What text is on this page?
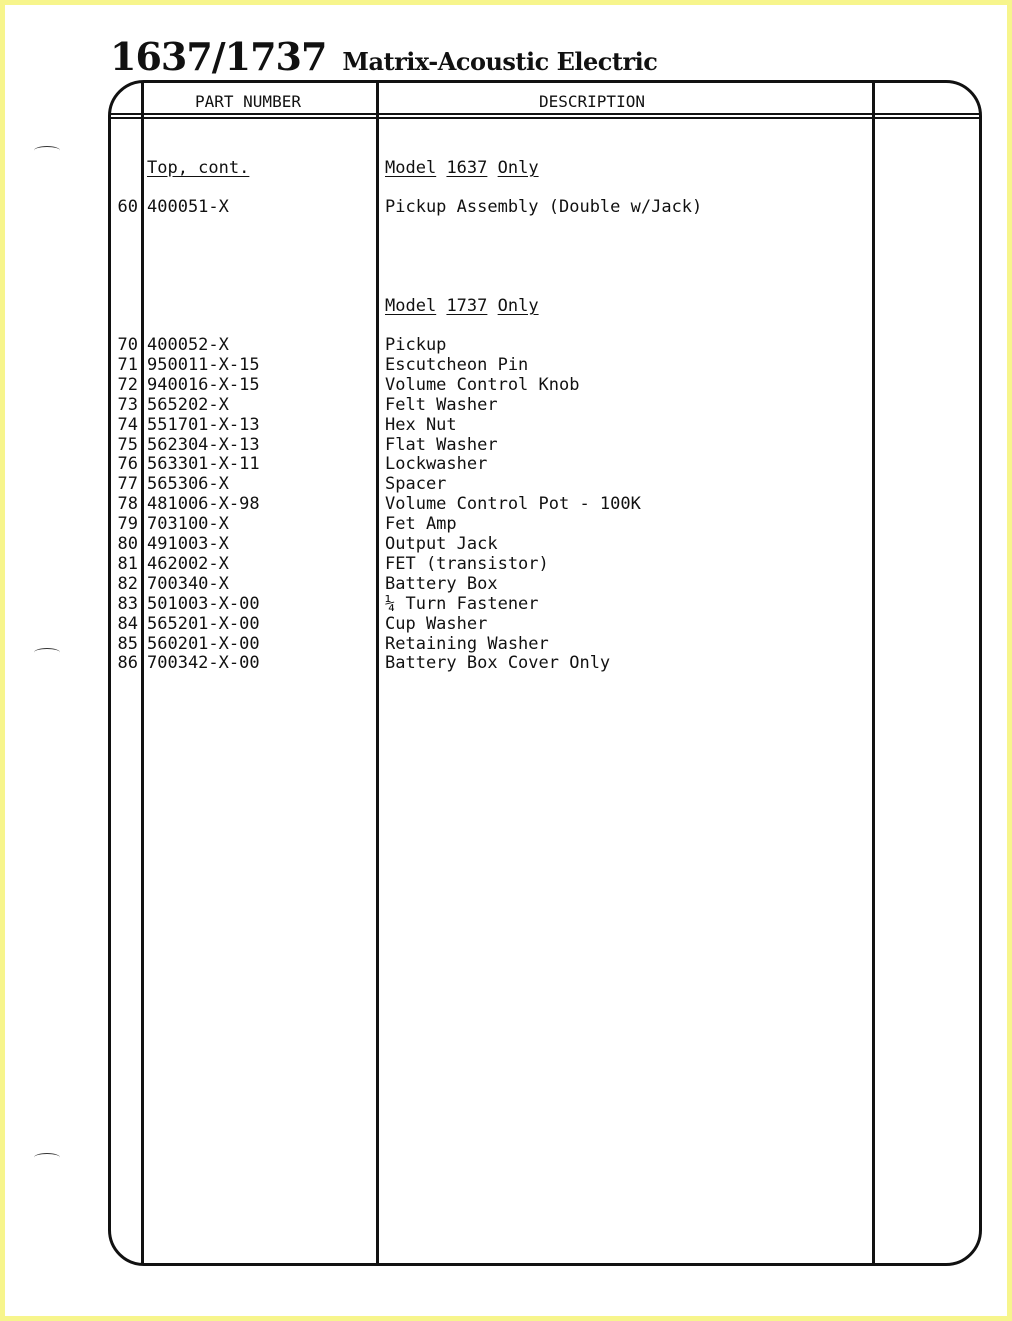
1637/1737 Matrix-Acoustic Electric
PART NUMBER	DESCRIPTION
Top, cont.	Model 1637 Only
60 400051-X	Pickup Assembly (Double w/Jack)
Model 1737 Only
70 400052-X	Pickup
71 950011-X-15	Escutcheon Pin
72 940016-X-15	Volume Control Knob
73 565202-X	Felt Washer
74 551701-X-13	Hex Nut
75 562304-X-13	Flat Washer
76 563301-X-11	Lockwasher
77 565306-X	Spacer
78 481006-X-98	Volume Control Pot - 100K
79 703100-X	Fet Amp
80 491003-X	Output Jack
81 462002-X	FET (transistor)
82 700340-X	Battery Box
83 501003-X-00	¼ Turn Fastener
84 565201-X-00	Cup Washer
85 560201-X-00	Retaining Washer
86 700342-X-00	Battery Box Cover Only
